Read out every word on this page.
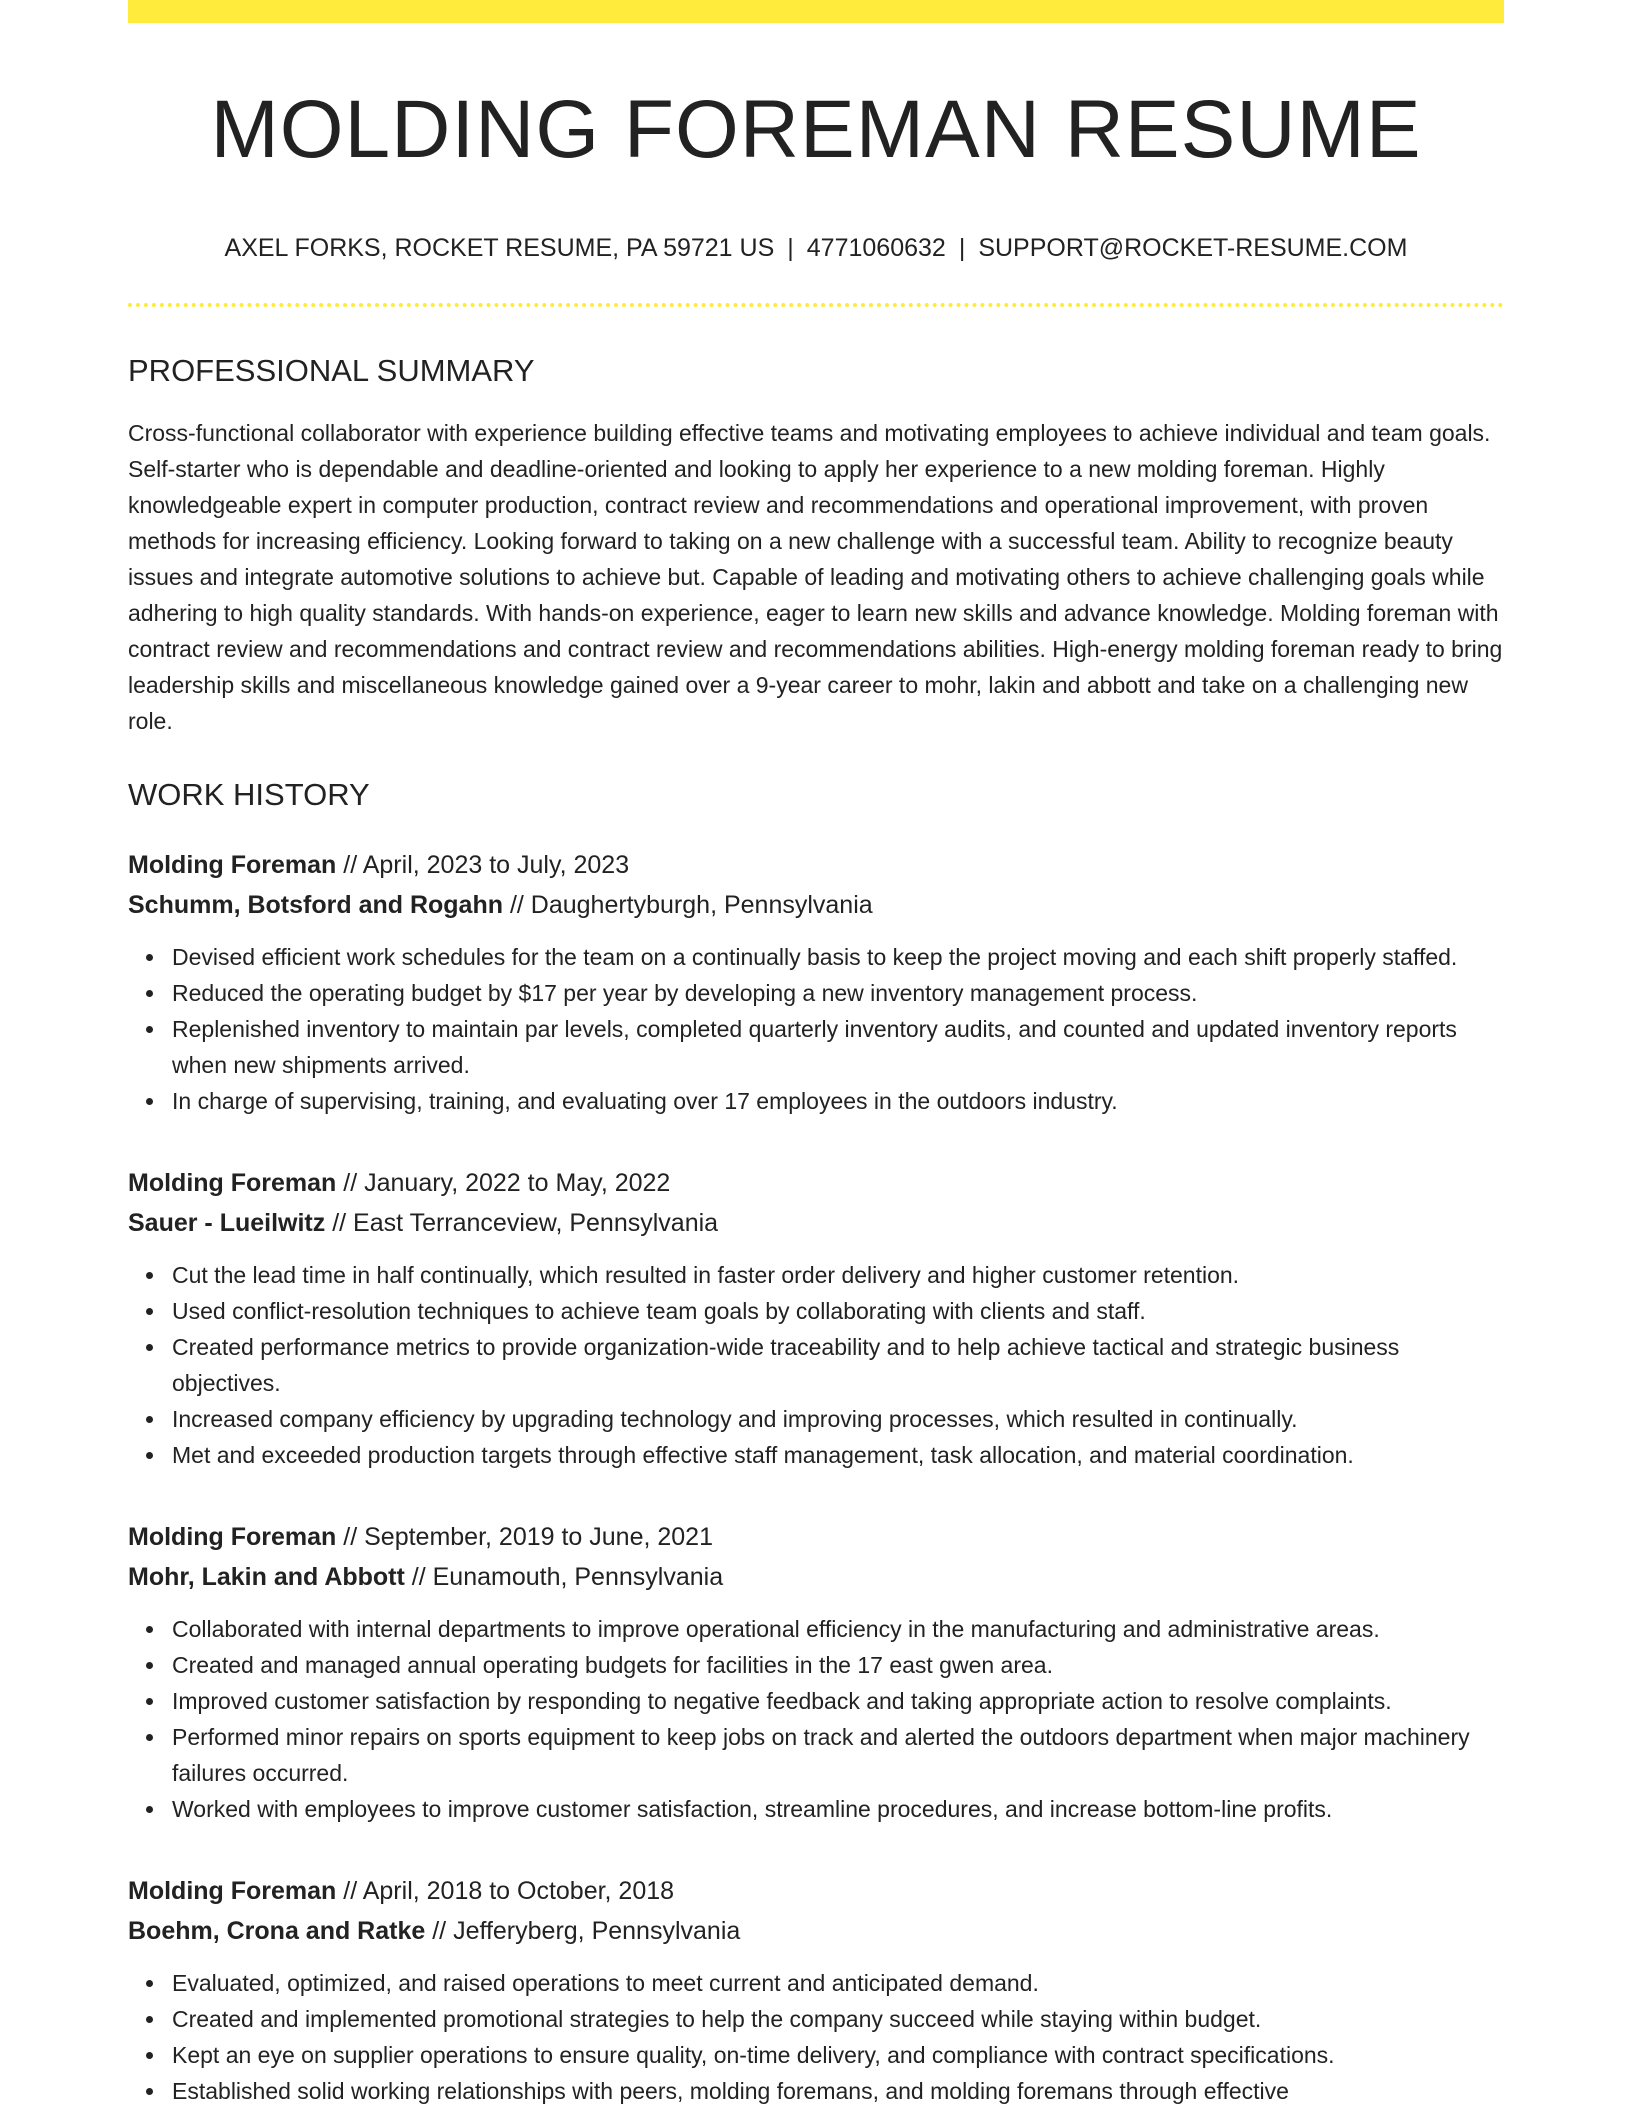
MOLDING FOREMAN RESUME
AXEL FORKS, ROCKET RESUME, PA 59721 US | 4771060632 | SUPPORT@ROCKET-RESUME.COM
PROFESSIONAL SUMMARY

Cross-functional collaborator with experience building effective teams and motivating employees to achieve individual and team goals. Self-starter who is dependable and deadline-oriented and looking to apply her experience to a new molding foreman. Highly knowledgeable expert in computer production, contract review and recommendations and operational improvement, with proven methods for increasing efficiency. Looking forward to taking on a new challenge with a successful team. Ability to recognize beauty issues and integrate automotive solutions to achieve but. Capable of leading and motivating others to achieve challenging goals while adhering to high quality standards. With hands-on experience, eager to learn new skills and advance knowledge. Molding foreman with contract review and recommendations and contract review and recommendations abilities. High-energy molding foreman ready to bring leadership skills and miscellaneous knowledge gained over a 9-year career to mohr, lakin and abbott and take on a challenging new role.

WORK HISTORY
Molding Foreman // April, 2023 to July, 2023
Schumm, Botsford and Rogahn // Daughertyburgh, Pennsylvania
Devised efficient work schedules for the team on a continually basis to keep the project moving and each shift properly staffed.
Reduced the operating budget by $17 per year by developing a new inventory management process.
Replenished inventory to maintain par levels, completed quarterly inventory audits, and counted and updated inventory reports when new shipments arrived.
In charge of supervising, training, and evaluating over 17 employees in the outdoors industry.
Molding Foreman // January, 2022 to May, 2022
Sauer - Lueilwitz // East Terranceview, Pennsylvania
Cut the lead time in half continually, which resulted in faster order delivery and higher customer retention.
Used conflict-resolution techniques to achieve team goals by collaborating with clients and staff.
Created performance metrics to provide organization-wide traceability and to help achieve tactical and strategic business objectives.
Increased company efficiency by upgrading technology and improving processes, which resulted in continually.
Met and exceeded production targets through effective staff management, task allocation, and material coordination.
Molding Foreman // September, 2019 to June, 2021
Mohr, Lakin and Abbott // Eunamouth, Pennsylvania
Collaborated with internal departments to improve operational efficiency in the manufacturing and administrative areas.
Created and managed annual operating budgets for facilities in the 17 east gwen area.
Improved customer satisfaction by responding to negative feedback and taking appropriate action to resolve complaints.
Performed minor repairs on sports equipment to keep jobs on track and alerted the outdoors department when major machinery failures occurred.
Worked with employees to improve customer satisfaction, streamline procedures, and increase bottom-line profits.
Molding Foreman // April, 2018 to October, 2018
Boehm, Crona and Ratke // Jefferyberg, Pennsylvania
Evaluated, optimized, and raised operations to meet current and anticipated demand.
Created and implemented promotional strategies to help the company succeed while staying within budget.
Kept an eye on supplier operations to ensure quality, on-time delivery, and compliance with contract specifications.
Established solid working relationships with peers, molding foremans, and molding foremans through effective
